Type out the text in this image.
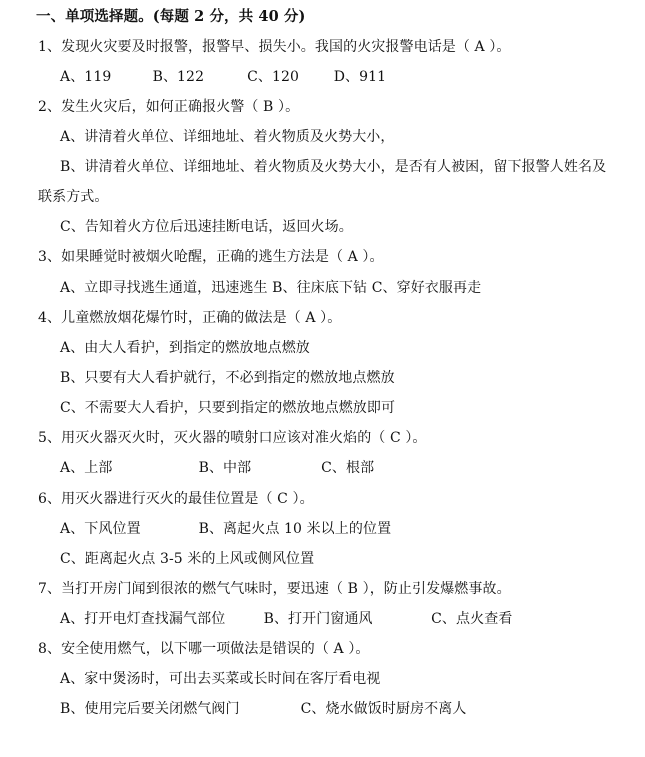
一、单项选择题。(每题 2 分，共 40 分)
1、发现火灾要及时报警，报警早、损失小。我国的火灾报警电话是（ A ）。
A、119	B、122	C、120 D、911
2、发生火灾后，如何正确报火警（ B ）。
A、讲清着火单位、详细地址、着火物质及火势大小，
B、讲清着火单位、详细地址、着火物质及火势大小，是否有人被困，留下报警人姓名及
联系方式。
C、告知着火方位后迅速挂断电话，返回火场。
3、如果睡觉时被烟火呛醒，正确的逃生方法是（ A ）。
A、立即寻找逃生通道，迅速逃生 B、往床底下钻 C、穿好衣服再走
4、儿童燃放烟花爆竹时，正确的做法是（ A ）。
A、由大人看护，到指定的燃放地点燃放
B、只要有大人看护就行，不必到指定的燃放地点燃放
C、不需要大人看护，只要到指定的燃放地点燃放即可
5、用灭火器灭火时，灭火器的喷射口应该对准火焰的（ C ）。
A、上部	B、中部	C、根部
6、用灭火器进行灭火的最佳位置是（ C ）。
A、下风位置	B、离起火点 10 米以上的位置
C、距离起火点 3-5 米的上风或侧风位置
7、当打开房门闻到很浓的燃气气味时，要迅速（ B ），防止引发爆燃事故。
A、打开电灯查找漏气部位	B、打开门窗通风	C、点火查看
8、安全使用燃气，以下哪一项做法是错误的（ A ）。
A、家中煲汤时，可出去买菜或长时间在客厅看电视
B、使用完后要关闭燃气阀门	C、烧水做饭时厨房不离人
